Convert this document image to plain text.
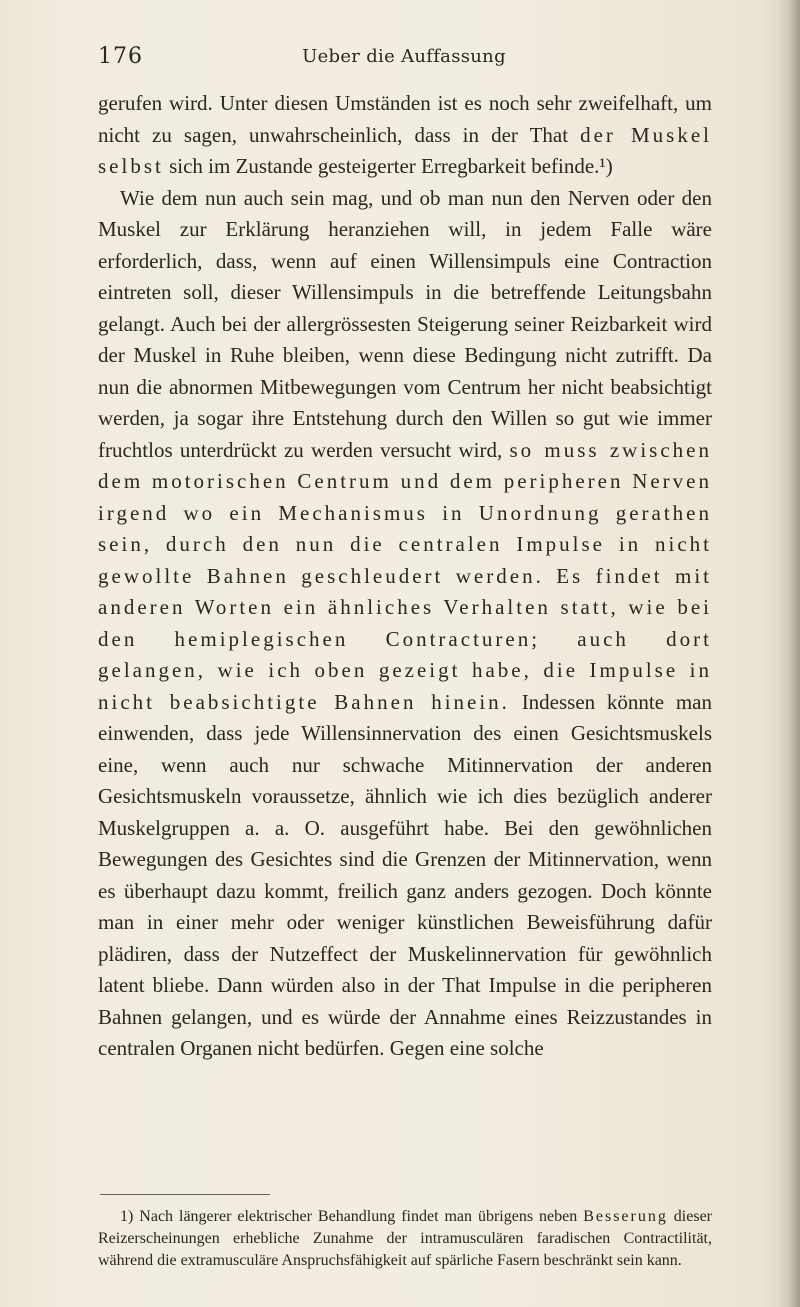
176	Ueber die Auffassung

gerufen wird. Unter diesen Umständen ist es noch sehr zweifelhaft, um nicht zu sagen, unwahrscheinlich, dass in der That der Muskel selbst sich im Zustande gesteigerter Erregbarkeit befinde.¹)

Wie dem nun auch sein mag, und ob man nun den Nerven oder den Muskel zur Erklärung heranziehen will, in jedem Falle wäre erforderlich, dass, wenn auf einen Willensimpuls eine Contraction eintreten soll, dieser Willensimpuls in die betreffende Leitungsbahn gelangt. Auch bei der allergrössesten Steigerung seiner Reizbarkeit wird der Muskel in Ruhe bleiben, wenn diese Bedingung nicht zutrifft. Da nun die abnormen Mitbewegungen vom Centrum her nicht beabsichtigt werden, ja sogar ihre Entstehung durch den Willen so gut wie immer fruchtlos unterdrückt zu werden versucht wird, so muss zwischen dem motorischen Centrum und dem peripheren Nerven irgend wo ein Mechanismus in Unordnung gerathen sein, durch den nun die centralen Impulse in nicht gewollte Bahnen geschleudert werden. Es findet mit anderen Worten ein ähnliches Verhalten statt, wie bei den hemiplegischen Contracturen; auch dort gelangen, wie ich oben gezeigt habe, die Impulse in nicht beabsichtigte Bahnen hinein. Indessen könnte man einwenden, dass jede Willensinnervation des einen Gesichtsmuskels eine, wenn auch nur schwache Mitinnervation der anderen Gesichtsmuskeln voraussetze, ähnlich wie ich dies bezüglich anderer Muskelgruppen a. a. O. ausgeführt habe. Bei den gewöhnlichen Bewegungen des Gesichtes sind die Grenzen der Mitinnervation, wenn es überhaupt dazu kommt, freilich ganz anders gezogen. Doch könnte man in einer mehr oder weniger künstlichen Beweisführung dafür plädiren, dass der Nutzeffect der Muskelinnervation für gewöhnlich latent bliebe. Dann würden also in der That Impulse in die peripheren Bahnen gelangen, und es würde der Annahme eines Reizzustandes in centralen Organen nicht bedürfen. Gegen eine solche

1) Nach längerer elektrischer Behandlung findet man übrigens neben Besserung dieser Reizerscheinungen erhebliche Zunahme der intramusculären faradischen Contractilität, während die extramusculäre Anspruchsfähigkeit auf spärliche Fasern beschränkt sein kann.
